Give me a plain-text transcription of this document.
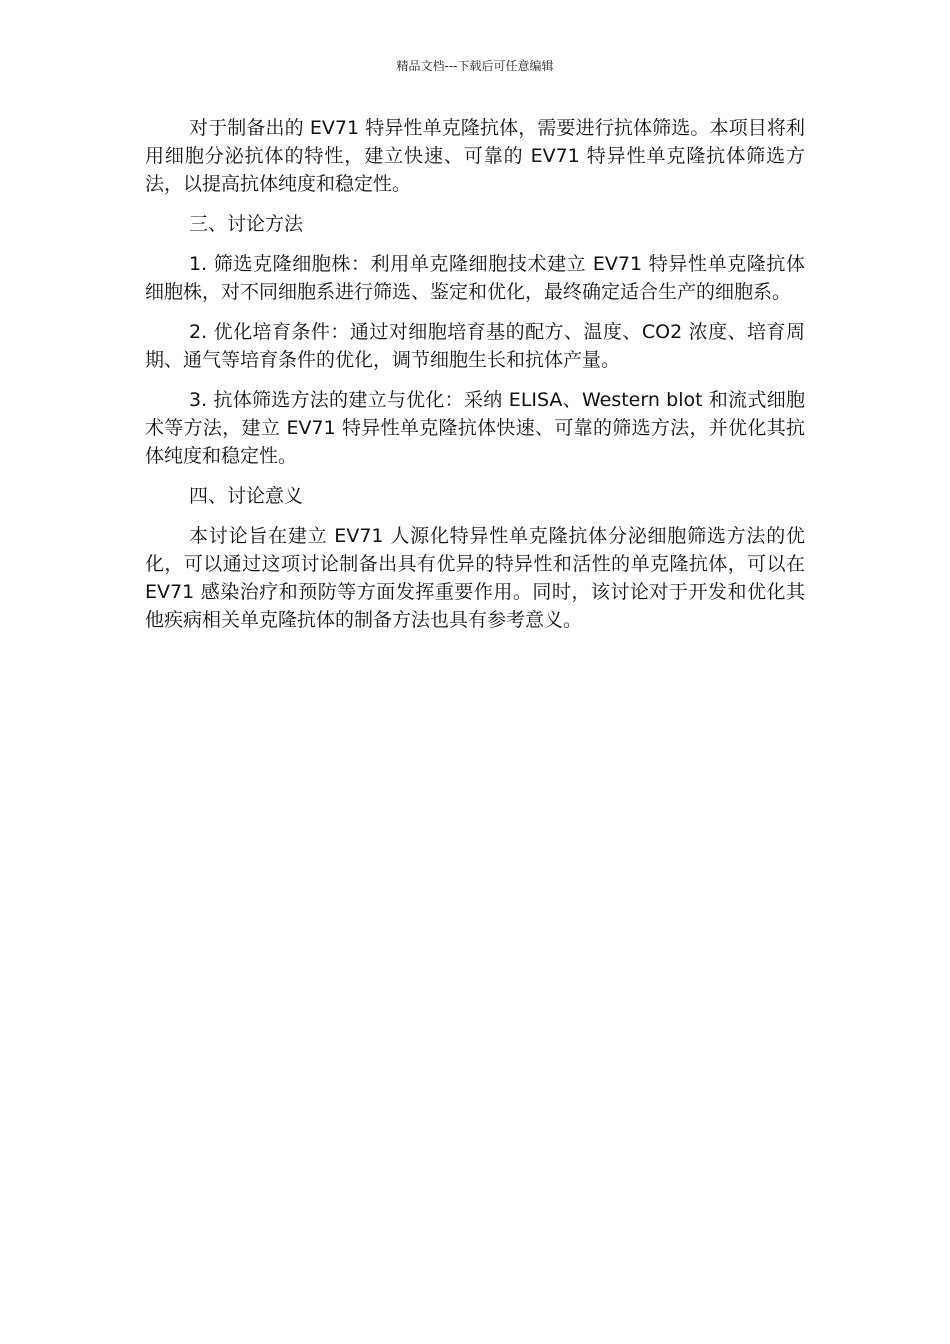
精品文档---下载后可任意编辑

对于制备出的 EV71 特异性单克隆抗体，需要进行抗体筛选。本项目将利用细胞分泌抗体的特性，建立快速、可靠的 EV71 特异性单克隆抗体筛选方法，以提高抗体纯度和稳定性。

三、讨论方法

1. 筛选克隆细胞株：利用单克隆细胞技术建立 EV71 特异性单克隆抗体细胞株，对不同细胞系进行筛选、鉴定和优化，最终确定适合生产的细胞系。

2. 优化培育条件：通过对细胞培育基的配方、温度、CO2 浓度、培育周期、通气等培育条件的优化，调节细胞生长和抗体产量。

3. 抗体筛选方法的建立与优化：采纳 ELISA、Western blot 和流式细胞术等方法，建立 EV71 特异性单克隆抗体快速、可靠的筛选方法，并优化其抗体纯度和稳定性。

四、讨论意义

本讨论旨在建立 EV71 人源化特异性单克隆抗体分泌细胞筛选方法的优化，可以通过这项讨论制备出具有优异的特异性和活性的单克隆抗体，可以在 EV71 感染治疗和预防等方面发挥重要作用。同时，该讨论对于开发和优化其他疾病相关单克隆抗体的制备方法也具有参考意义。
